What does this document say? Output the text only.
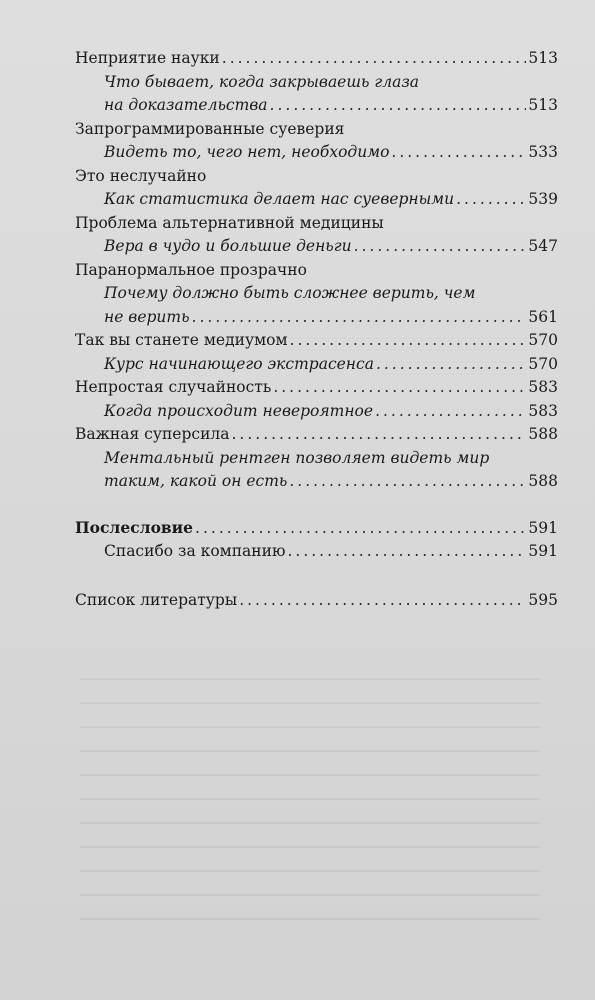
Неприятие науки .....	513
Что бывает, когда закрываешь глаза
на доказательства .....	513
Запрограммированные суеверия
Видеть то, чего нет, необходимо .....	533
Это неслучайно
Как статистика делает нас суеверными .....	539
Проблема альтернативной медицины
Вера в чудо и большие деньги .....	547
Паранормальное прозрачно
Почему должно быть сложнее верить, чем
не верить .....	561
Так вы станете медиумом .....	570
Курс начинающего экстрасенса .....	570
Непростая случайность .....	583
Когда происходит невероятное .....	583
Важная суперсила .....	588
Ментальный рентген позволяет видеть мир
таким, какой он есть .....	588
Послесловие .....	591
Спасибо за компанию .....	591
Список литературы .....	595
